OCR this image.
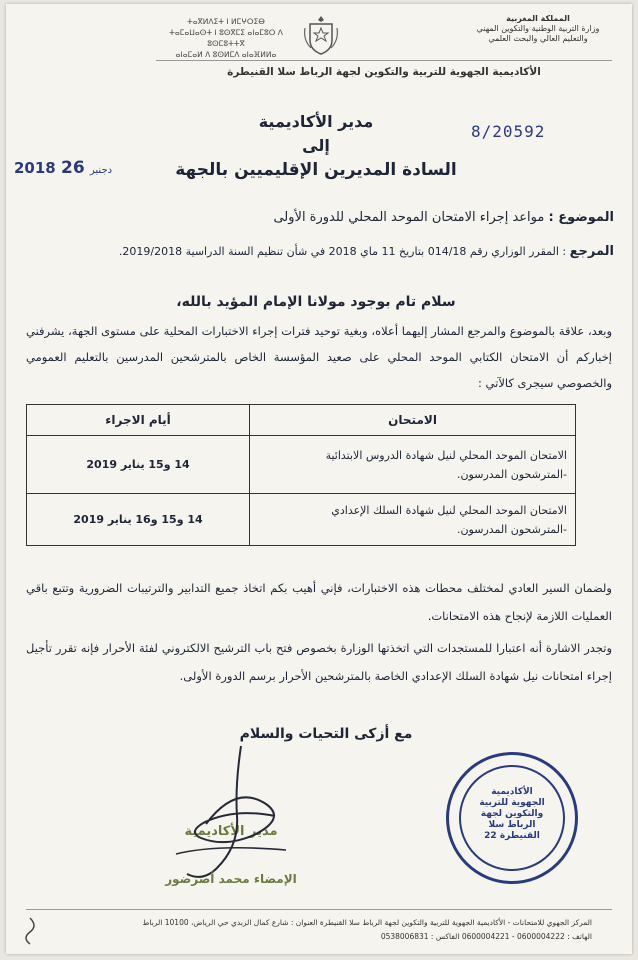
المملكة المغربية
وزارة التربية الوطنية والتكوين المهني
والتعليم العالي والبحث العلمي
ⵜⴰⴳⵍⴷⵉⵜ ⵏ ⵍⵎⵖⵔⵉⴱ
ⵜⴰⵎⴰⵡⴰⵙⵜ ⵏ ⵓⵙⴳⵎⵉ ⴰⵏⴰⵎⵓⵔ ⴷ ⵓⵙⵎⵓⵜⵜⴳ
ⴰⵏⴰⵎⴰⵍ ⴷ ⵓⵙⵍⵎⴷ ⴰⵏⴰⴼⵍⵍⴰ
الأكاديمية الجهوية للتربية والتكوين لجهة الرباط سلا القنيطرة
مدير الأكاديمية
إلى
السادة المديرين الإقليميين بالجهة
8/20592
2018	دجنبر 26
الموضوع : مواعد إجراء الامتحان الموحد المحلي للدورة الأولى
المرجع : المقرر الوزاري رقم 014/18 بتاريخ 11 ماي 2018 في شأن تنظيم السنة الدراسية 2019/2018.
سلام تام بوجود مولانا الإمام المؤيد بالله،
وبعد، علاقة بالموضوع والمرجع المشار إليهما أعلاه، وبغية توحيد فترات إجراء الاختبارات المحلية على مستوى الجهة، يشرفني إخباركم أن الامتحان الكتابي الموحد المحلي على صعيد المؤسسة الخاص بالمترشحين المدرسين بالتعليم العمومي والخصوصي سيجرى كالآتي :
الامتحان	أيام الاجراء

الامتحان الموحد المحلي لنيل شهادة الدروس الابتدائية
-المترشحون المدرسون.	14 و15 يناير 2019

الامتحان الموحد المحلي لنيل شهادة السلك الإعدادي
-المترشحون المدرسون.	14 و15 و16 يناير 2019
ولضمان السير العادي لمختلف محطات هذه الاختبارات، فإني أهيب بكم اتخاذ جميع التدابير والترتيبات الضرورية وتتبع باقي العمليات اللازمة لإنجاح هذه الامتحانات.
وتجدر الاشارة أنه اعتبارا للمستجدات التي اتخذتها الوزارة بخصوص فتح باب الترشيح الالكتروني لفئة الأحرار فإنه تقرر تأجيل إجراء امتحانات نيل شهادة السلك الإعدادي الخاصة بالمترشحين الأحرار برسم الدورة الأولى.
مع أزكى التحيات والسلام
مدير الأكاديمية
الإمضاء محمد أضرضور
الأكاديمية الجهوية للتربية والتكوين لجهة الرباط سلا القنيطرة 22
المركز الجهوي للامتحانات - الأكاديمية الجهوية للتربية والتكوين لجهة الرباط سلا القنيطرة العنوان : شارع كمال الزبدي حي الرياض، 10100 الرباط
الهاتف : 0600004222 - 0600004221 الفاكس : 0538006831
